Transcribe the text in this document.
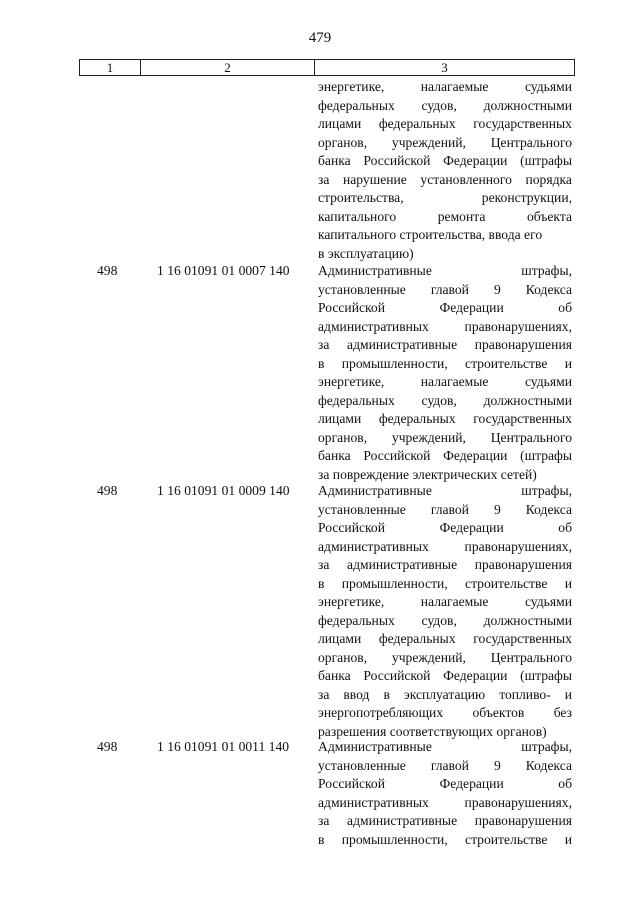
479
1	2	3
энергетике,	налагаемые	судьями
федеральных судов, должностными
лицами федеральных государственных
органов, учреждений, Центрального
банка Российской Федерации (штрафы
за нарушение установленного порядка
строительства,	реконструкции,
капитального	ремонта	объекта
капитального строительства, ввода его
в эксплуатацию)
498	1 16 01091 01 0007 140 Административные	штрафы,
установленные главой 9 Кодекса
Российской	Федерации	об
административных	правонарушениях,
за административные правонарушения
в промышленности, строительстве и
энергетике,	налагаемые	судьями
федеральных судов, должностными
лицами федеральных государственных
органов, учреждений, Центрального
банка Российской Федерации (штрафы
за повреждение электрических сетей)
498	1 16 01091 01 0009 140 Административные	штрафы,
установленные главой 9 Кодекса
Российской	Федерации	об
административных	правонарушениях,
за административные правонарушения
в промышленности, строительстве и
энергетике,	налагаемые	судьями
федеральных судов, должностными
лицами федеральных государственных
органов, учреждений, Центрального
банка Российской Федерации (штрафы
за ввод в эксплуатацию топливо- и
энергопотребляющих объектов без
разрешения соответствующих органов)
498	1 16 01091 01 0011 140 Административные	штрафы,
установленные главой 9 Кодекса
Российской	Федерации	об
административных	правонарушениях,
за административные правонарушения
в промышленности, строительстве и
